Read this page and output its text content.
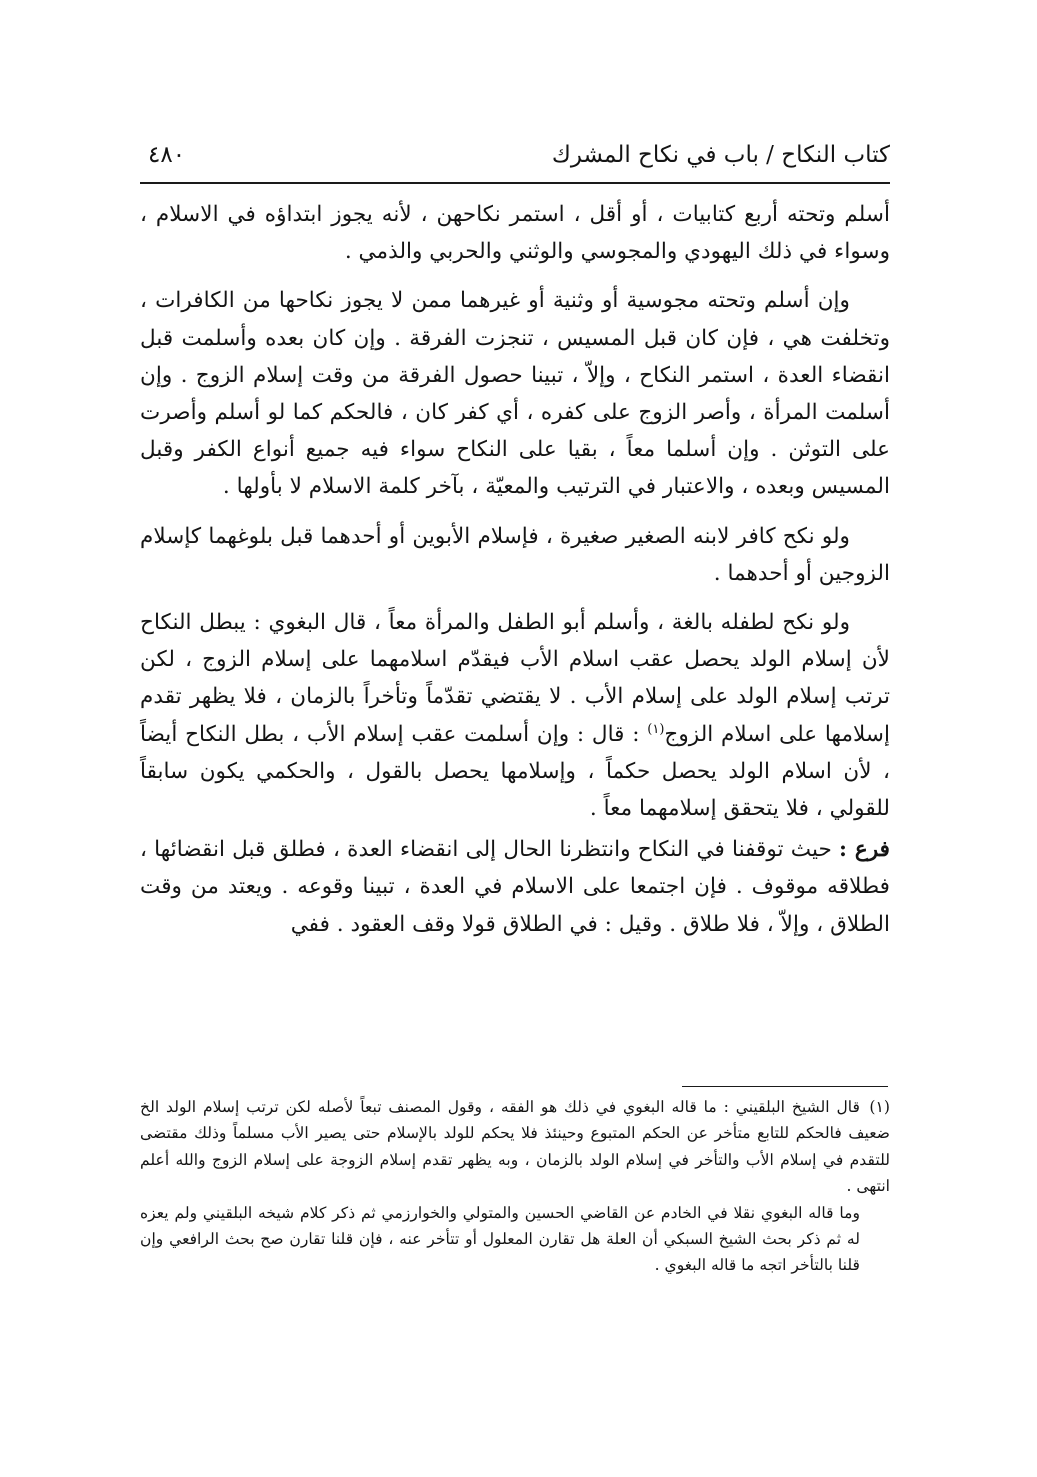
كتاب النكاح / باب في نكاح المشرك
٤٨٠

أسلم وتحته أربع كتابيات ، أو أقل ، استمر نكاحهن ، لأنه يجوز ابتداؤه في الاسلام ، وسواء في ذلك اليهودي والمجوسي والوثني والحربي والذمي .

وإن أسلم وتحته مجوسية أو وثنية أو غيرهما ممن لا يجوز نكاحها من الكافرات ، وتخلفت هي ، فإن كان قبل المسيس ، تنجزت الفرقة . وإن كان بعده وأسلمت قبل انقضاء العدة ، استمر النكاح ، وإلاّ ، تبينا حصول الفرقة من وقت إسلام الزوج . وإن أسلمت المرأة ، وأصر الزوج على كفره ، أي كفر كان ، فالحكم كما لو أسلم وأصرت على التوثن . وإن أسلما معاً ، بقيا على النكاح سواء فيه جميع أنواع الكفر وقبل المسيس وبعده ، والاعتبار في الترتيب والمعيّة ، بآخر كلمة الاسلام لا بأولها .

ولو نكح كافر لابنه الصغير صغيرة ، فإسلام الأبوين أو أحدهما قبل بلوغهما كإسلام الزوجين أو أحدهما .

ولو نكح لطفله بالغة ، وأسلم أبو الطفل والمرأة معاً ، قال البغوي : يبطل النكاح لأن إسلام الولد يحصل عقب اسلام الأب فيقدّم اسلامهما على إسلام الزوج ، لكن ترتب إسلام الولد على إسلام الأب . لا يقتضي تقدّماً وتأخراً بالزمان ، فلا يظهر تقدم إسلامها على اسلام الزوج$^{(١)}$ : قال : وإن أسلمت عقب إسلام الأب ، بطل النكاح أيضاً ، لأن اسلام الولد يحصل حكماً ، وإسلامها يحصل بالقول ، والحكمي يكون سابقاً للقولي ، فلا يتحقق إسلامهما معاً .

فرع : حيث توقفنا في النكاح وانتظرنا الحال إلى انقضاء العدة ، فطلق قبل انقضائها ، فطلاقه موقوف . فإن اجتمعا على الاسلام في العدة ، تبينا وقوعه . ويعتد من وقت الطلاق ، وإلاّ ، فلا طلاق . وقيل : في الطلاق قولا وقف العقود . ففي

(١)قال الشيخ البلقيني : ما قاله البغوي في ذلك هو الفقه ، وقول المصنف تبعاً لأصله لكن ترتب إسلام الولد الخ ضعيف فالحكم للتابع متأخر عن الحكم المتبوع وحينئذ فلا يحكم للولد بالإسلام حتى يصير الأب مسلماً وذلك مقتضى للتقدم في إسلام الأب والتأخر في إسلام الولد بالزمان ، وبه يظهر تقدم إسلام الزوجة على إسلام الزوج والله أعلم انتهى .

وما قاله البغوي نقلا في الخادم عن القاضي الحسين والمتولي والخوارزمي ثم ذكر كلام شيخه البلقيني ولم يعزه له ثم ذكر بحث الشيخ السبكي أن العلة هل تقارن المعلول أو تتأخر عنه ، فإن قلنا تقارن صح بحث الرافعي وإن قلنا بالتأخر اتجه ما قاله البغوي .
